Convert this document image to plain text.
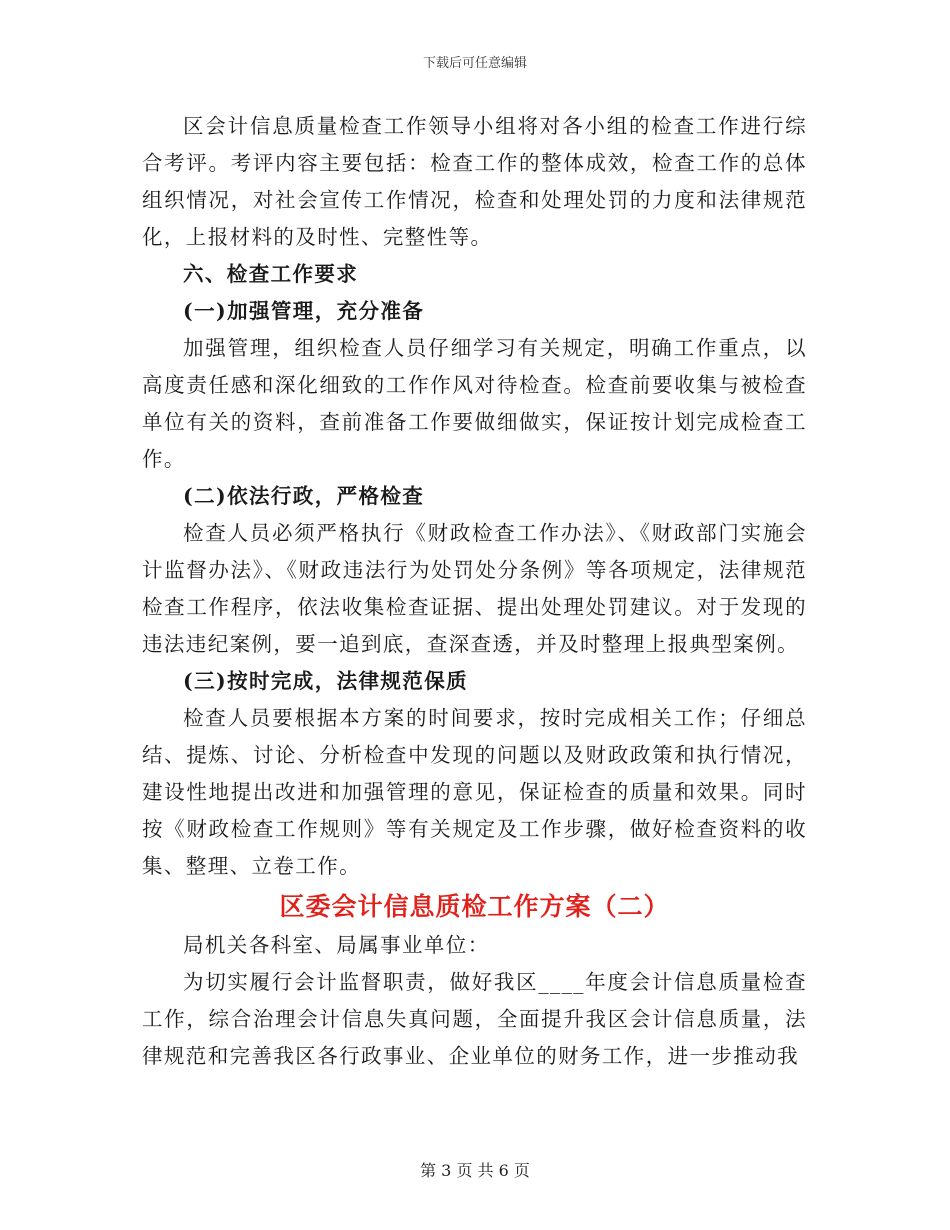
下载后可任意编辑

区会计信息质量检查工作领导小组将对各小组的检查工作进行综合考评。考评内容主要包括：检查工作的整体成效，检查工作的总体组织情况，对社会宣传工作情况，检查和处理处罚的力度和法律规范化，上报材料的及时性、完整性等。

六、检查工作要求
(一)加强管理，充分准备

加强管理，组织检查人员仔细学习有关规定，明确工作重点，以高度责任感和深化细致的工作作风对待检查。检查前要收集与被检查单位有关的资料，查前准备工作要做细做实，保证按计划完成检查工作。

(二)依法行政，严格检查

检查人员必须严格执行《财政检查工作办法》、《财政部门实施会计监督办法》、《财政违法行为处罚处分条例》等各项规定，法律规范检查工作程序，依法收集检查证据、提出处理处罚建议。对于发现的违法违纪案例，要一追到底，查深查透，并及时整理上报典型案例。

(三)按时完成，法律规范保质

检查人员要根据本方案的时间要求，按时完成相关工作；仔细总结、提炼、讨论、分析检查中发现的问题以及财政政策和执行情况，建设性地提出改进和加强管理的意见，保证检查的质量和效果。同时按《财政检查工作规则》等有关规定及工作步骤，做好检查资料的收集、整理、立卷工作。

区委会计信息质检工作方案（二）

局机关各科室、局属事业单位：

为切实履行会计监督职责，做好我区____年度会计信息质量检查工作，综合治理会计信息失真问题，全面提升我区会计信息质量，法律规范和完善我区各行政事业、企业单位的财务工作，进一步推动我

第 3 页 共 6 页
